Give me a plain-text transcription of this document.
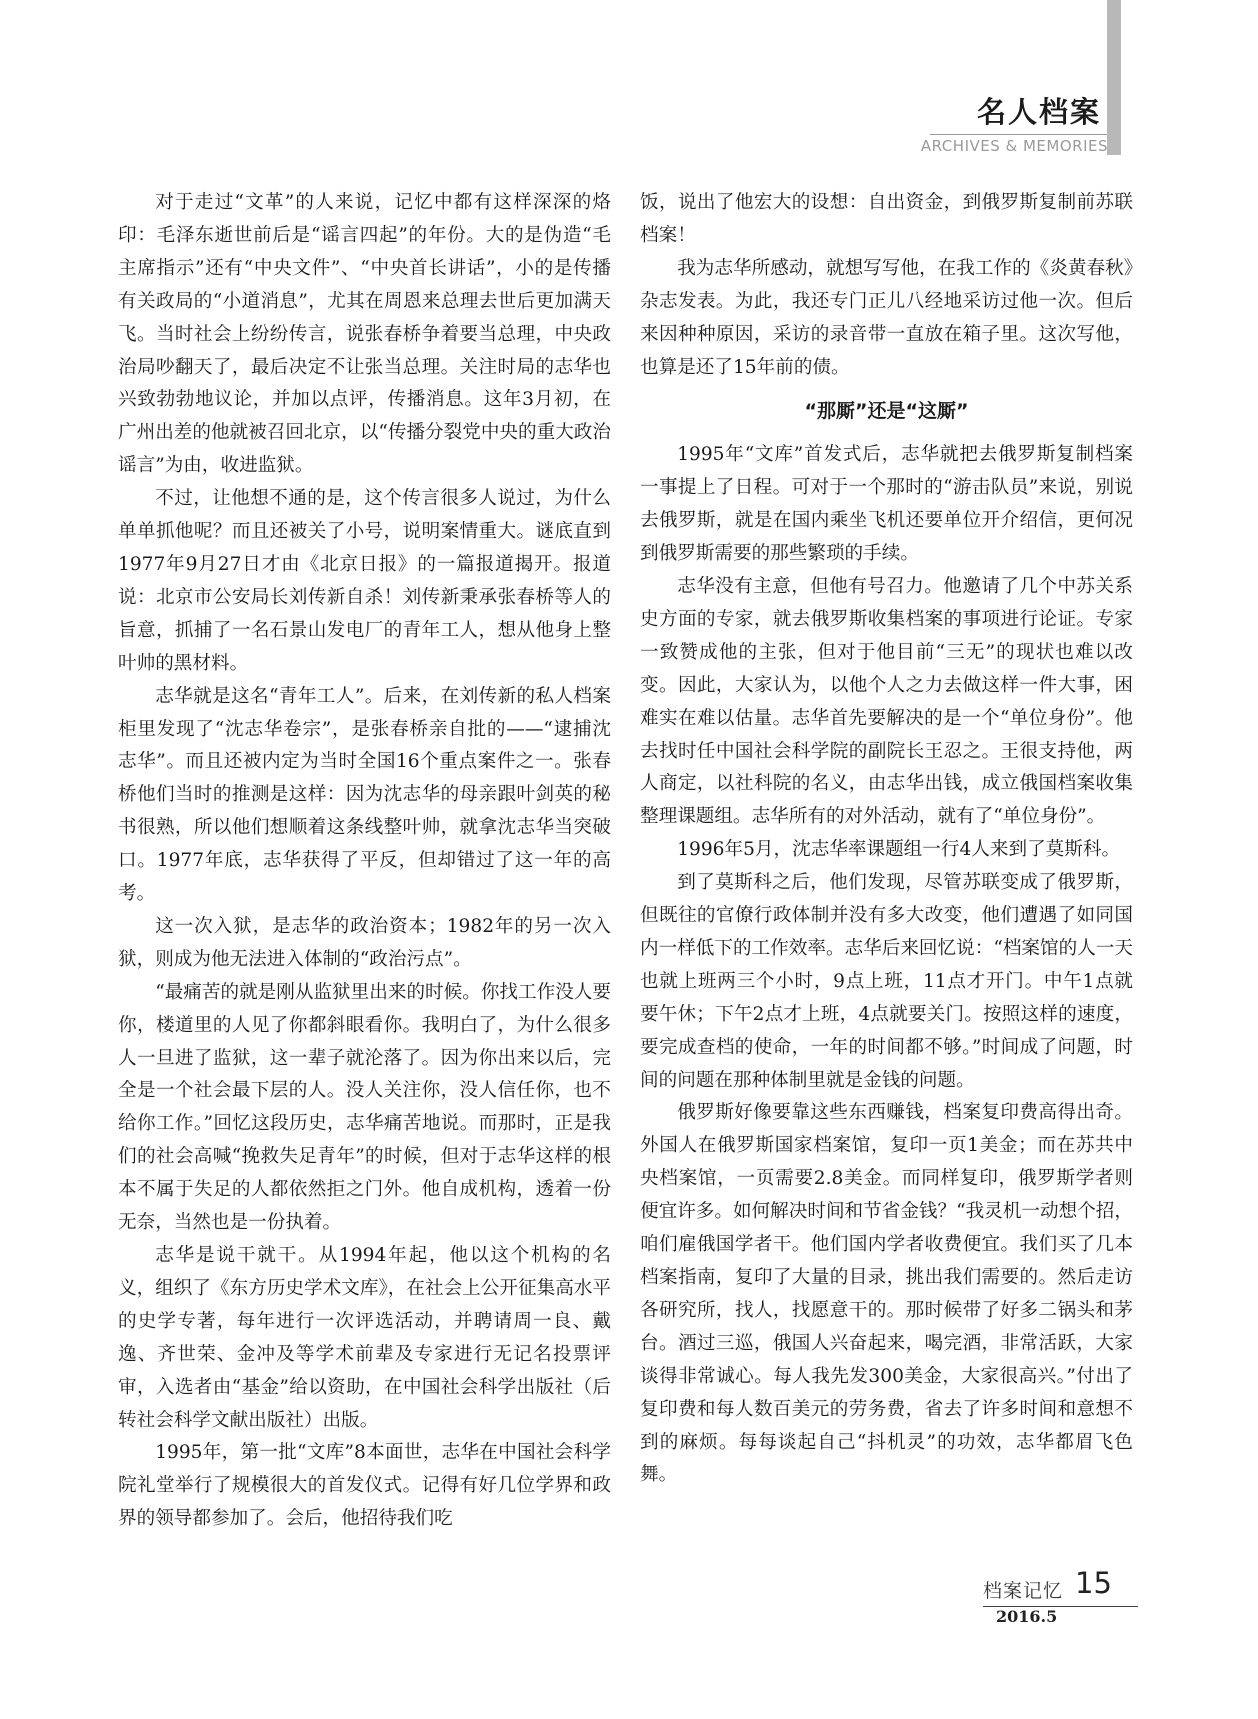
名人档案
ARCHIVES & MEMORIES

对于走过“文革”的人来说，记忆中都有这样深深的烙印：毛泽东逝世前后是“谣言四起”的年份。大的是伪造“毛主席指示”还有“中央文件”、“中央首长讲话”，小的是传播有关政局的“小道消息”，尤其在周恩来总理去世后更加满天飞。当时社会上纷纷传言，说张春桥争着要当总理，中央政治局吵翻天了，最后决定不让张当总理。关注时局的志华也兴致勃勃地议论，并加以点评，传播消息。这年3月初，在广州出差的他就被召回北京，以“传播分裂党中央的重大政治谣言”为由，收进监狱。

不过，让他想不通的是，这个传言很多人说过，为什么单单抓他呢？而且还被关了小号，说明案情重大。谜底直到1977年9月27日才由《北京日报》的一篇报道揭开。报道说：北京市公安局长刘传新自杀！刘传新秉承张春桥等人的旨意，抓捕了一名石景山发电厂的青年工人，想从他身上整叶帅的黑材料。

志华就是这名“青年工人”。后来，在刘传新的私人档案柜里发现了“沈志华卷宗”，是张春桥亲自批的——“逮捕沈志华”。而且还被内定为当时全国16个重点案件之一。张春桥他们当时的推测是这样：因为沈志华的母亲跟叶剑英的秘书很熟，所以他们想顺着这条线整叶帅，就拿沈志华当突破口。1977年底，志华获得了平反，但却错过了这一年的高考。

这一次入狱，是志华的政治资本；1982年的另一次入狱，则成为他无法进入体制的“政治污点”。

“最痛苦的就是刚从监狱里出来的时候。你找工作没人要你，楼道里的人见了你都斜眼看你。我明白了，为什么很多人一旦进了监狱，这一辈子就沦落了。因为你出来以后，完全是一个社会最下层的人。没人关注你，没人信任你，也不给你工作。”回忆这段历史，志华痛苦地说。而那时，正是我们的社会高喊“挽救失足青年”的时候，但对于志华这样的根本不属于失足的人都依然拒之门外。他自成机构，透着一份无奈，当然也是一份执着。

志华是说干就干。从1994年起，他以这个机构的名义，组织了《东方历史学术文库》，在社会上公开征集高水平的史学专著，每年进行一次评选活动，并聘请周一良、戴逸、齐世荣、金冲及等学术前辈及专家进行无记名投票评审，入选者由“基金”给以资助，在中国社会科学出版社（后转社会科学文献出版社）出版。

1995年，第一批“文库”8本面世，志华在中国社会科学院礼堂举行了规模很大的首发仪式。记得有好几位学界和政界的领导都参加了。会后，他招待我们吃

饭，说出了他宏大的设想：自出资金，到俄罗斯复制前苏联档案！

我为志华所感动，就想写写他，在我工作的《炎黄春秋》杂志发表。为此，我还专门正儿八经地采访过他一次。但后来因种种原因，采访的录音带一直放在箱子里。这次写他，也算是还了15年前的债。

“那厮”还是“这厮”

1995年“文库”首发式后，志华就把去俄罗斯复制档案一事提上了日程。可对于一个那时的“游击队员”来说，别说去俄罗斯，就是在国内乘坐飞机还要单位开介绍信，更何况到俄罗斯需要的那些繁琐的手续。

志华没有主意，但他有号召力。他邀请了几个中苏关系史方面的专家，就去俄罗斯收集档案的事项进行论证。专家一致赞成他的主张，但对于他目前“三无”的现状也难以改变。因此，大家认为，以他个人之力去做这样一件大事，困难实在难以估量。志华首先要解决的是一个“单位身份”。他去找时任中国社会科学院的副院长王忍之。王很支持他，两人商定，以社科院的名义，由志华出钱，成立俄国档案收集整理课题组。志华所有的对外活动，就有了“单位身份”。

1996年5月，沈志华率课题组一行4人来到了莫斯科。

到了莫斯科之后，他们发现，尽管苏联变成了俄罗斯，但既往的官僚行政体制并没有多大改变，他们遭遇了如同国内一样低下的工作效率。志华后来回忆说：“档案馆的人一天也就上班两三个小时，9点上班，11点才开门。中午1点就要午休；下午2点才上班，4点就要关门。按照这样的速度，要完成查档的使命，一年的时间都不够。”时间成了问题，时间的问题在那种体制里就是金钱的问题。

俄罗斯好像要靠这些东西赚钱，档案复印费高得出奇。外国人在俄罗斯国家档案馆，复印一页1美金；而在苏共中央档案馆，一页需要2.8美金。而同样复印，俄罗斯学者则便宜许多。如何解决时间和节省金钱？“我灵机一动想个招，咱们雇俄国学者干。他们国内学者收费便宜。我们买了几本档案指南，复印了大量的目录，挑出我们需要的。然后走访各研究所，找人，找愿意干的。那时候带了好多二锅头和茅台。酒过三巡，俄国人兴奋起来，喝完酒，非常活跃，大家谈得非常诚心。每人我先发300美金，大家很高兴。”付出了复印费和每人数百美元的劳务费，省去了许多时间和意想不到的麻烦。每每谈起自己“抖机灵”的功效，志华都眉飞色舞。

档案记忆 15
2016.5
